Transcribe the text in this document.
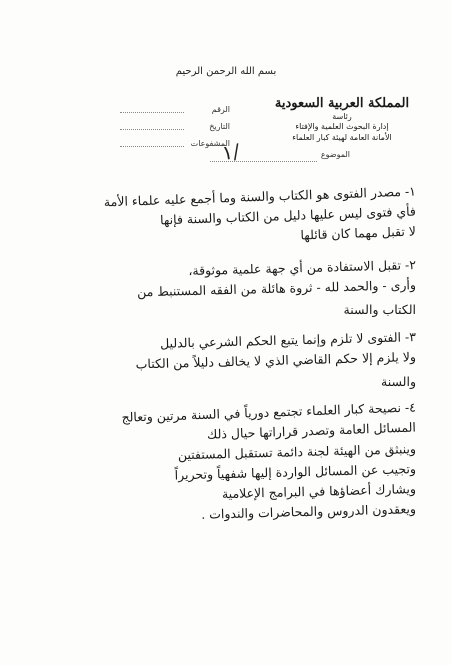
بسم الله الرحمن الرحيم
المملكة العربية السعودية
رئاسة
إدارة البحوث العلمية والإفتاء
الأمانة العامة لهيئة كبار العلماء
الرقم
التاريخ
المشفوعات
الموضوع
١/
١- مصدر الفتوى هو الكتاب والسنة وما أجمع عليه علماء الأمة
فأي فتوى ليس عليها دليل من الكتاب والسنة فإنها
لا تقبل مهما كان قائلها
٢- تقبل الاستفادة من أي جهة علمية موثوقة،
وأرى - والحمد لله - ثروة هائلة من الفقه المستنبط من
الكتاب والسنة
٣- الفتوى لا تلزم وإنما يتبع الحكم الشرعي بالدليل
ولا يلزم إلا حكم القاضي الذي لا يخالف دليلاً من الكتاب
والسنة
٤- نصيحة كبار العلماء تجتمع دورياً في السنة مرتين وتعالج
المسائل العامة وتصدر قراراتها حيال ذلك
وينبثق من الهيئة لجنة دائمة تستقبل المستفتين
وتجيب عن المسائل الواردة إليها شفهياً وتحريراً
ويشارك أعضاؤها في البرامج الإعلامية
ويعقدون الدروس والمحاضرات والندوات .
